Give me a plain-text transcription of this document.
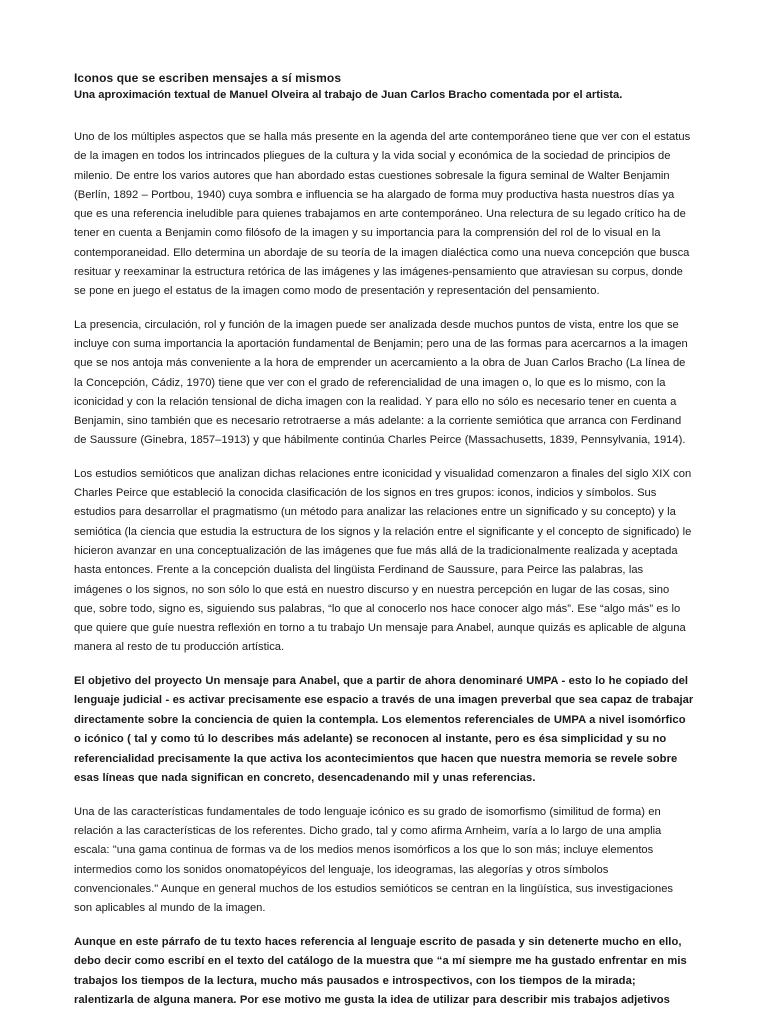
Iconos que se escriben mensajes a sí mismos
Una aproximación textual de Manuel Olveira al trabajo de Juan Carlos Bracho comentada por el artista.

Uno de los múltiples aspectos que se halla más presente en la agenda del arte contemporáneo tiene que ver con el estatus de la imagen en todos los intrincados pliegues de la cultura y la vida social y económica de la sociedad de principios de milenio. De entre los varios autores que han abordado estas cuestiones sobresale la figura seminal de Walter Benjamin (Berlín, 1892 – Portbou, 1940) cuya sombra e influencia se ha alargado de forma muy productiva hasta nuestros días ya que es una referencia ineludible para quienes trabajamos en arte contemporáneo. Una relectura de su legado crítico ha de tener en cuenta a Benjamin como filósofo de la imagen y su importancia para la comprensión del rol de lo visual en la contemporaneidad. Ello determina un abordaje de su teoría de la imagen dialéctica como una nueva concepción que busca resituar y reexaminar la estructura retórica de las imágenes y las imágenes-pensamiento que atraviesan su corpus, donde se pone en juego el estatus de la imagen como modo de presentación y representación del pensamiento.

La presencia, circulación, rol y función de la imagen puede ser analizada desde muchos puntos de vista, entre los que se incluye con suma importancia la aportación fundamental de Benjamin; pero una de las formas para acercarnos a la imagen que se nos antoja más conveniente a la hora de emprender un acercamiento a la obra de Juan Carlos Bracho (La línea de la Concepción, Cádiz, 1970) tiene que ver con el grado de referencialidad de una imagen o, lo que es lo mismo, con la iconicidad y con la relación tensional de dicha imagen con la realidad. Y para ello no sólo es necesario tener en cuenta a Benjamin, sino también que es necesario retrotraerse a más adelante: a la corriente semiótica que arranca con Ferdinand de Saussure (Ginebra, 1857–1913) y que hábilmente continúa Charles Peirce (Massachusetts, 1839, Pennsylvania, 1914).

Los estudios semióticos que analizan dichas relaciones entre iconicidad y visualidad comenzaron a finales del siglo XIX con Charles Peirce que estableció la conocida clasificación de los signos en tres grupos: iconos, indicios y símbolos. Sus estudios para desarrollar el pragmatismo (un método para analizar las relaciones entre un significado y su concepto) y la semiótica (la ciencia que estudia la estructura de los signos y la relación entre el significante y el concepto de significado) le hicieron avanzar en una conceptualización de las imágenes que fue más allá de la tradicionalmente realizada y aceptada hasta entonces. Frente a la concepción dualista del lingüista Ferdinand de Saussure, para Peirce las palabras, las imágenes o los signos, no son sólo lo que está en nuestro discurso y en nuestra percepción en lugar de las cosas, sino que, sobre todo, signo es, siguiendo sus palabras, “lo que al conocerlo nos hace conocer algo más”. Ese “algo más” es lo que quiere que guíe nuestra reflexión en torno a tu trabajo Un mensaje para Anabel, aunque quizás es aplicable de alguna manera al resto de tu producción artística.

El objetivo del proyecto Un mensaje para Anabel, que a partir de ahora denominaré UMPA - esto lo he copiado del lenguaje judicial - es activar precisamente ese espacio a través de una imagen preverbal que sea capaz de trabajar directamente sobre la conciencia de quien la contempla. Los elementos referenciales de UMPA a nivel isomórfico o icónico ( tal y como tú lo describes más adelante) se reconocen al instante, pero es ésa simplicidad y su no referencialidad precisamente la que activa los acontecimientos que hacen que nuestra memoria se revele sobre esas líneas que nada significan en concreto, desencadenando mil y unas referencias.

Una de las características fundamentales de todo lenguaje icónico es su grado de isomorfismo (similitud de forma) en relación a las características de los referentes. Dicho grado, tal y como afirma Arnheim, varía a lo largo de una amplia escala: "una gama continua de formas va de los medios menos isomórficos a los que lo son más; incluye elementos intermedios como los sonidos onomatopéyicos del lenguaje, los ideogramas, las alegorías y otros símbolos convencionales." Aunque en general muchos de los estudios semióticos se centran en la lingüística, sus investigaciones son aplicables al mundo de la imagen.

Aunque en este párrafo de tu texto haces referencia al lenguaje escrito de pasada y sin detenerte mucho en ello, debo decir como escribí en el texto del catálogo de la muestra que “a mí siempre me ha gustado enfrentar en mis trabajos los tiempos de la lectura, mucho más pausados e introspectivos, con los tiempos de la mirada; ralentizarla de alguna manera. Por ese motivo me gusta la idea de utilizar para describir mis trabajos adjetivos
